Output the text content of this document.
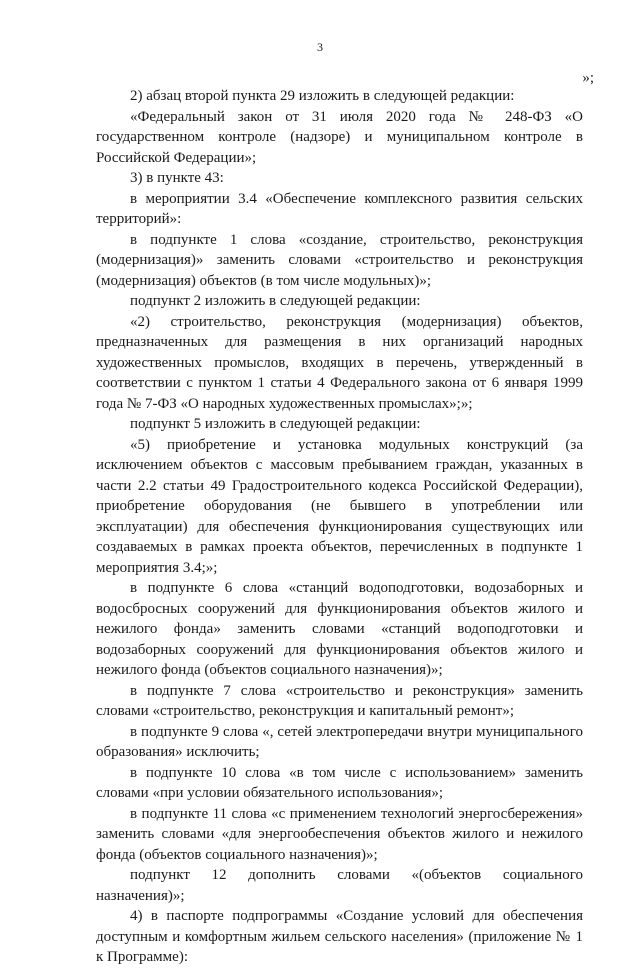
3
»;

2) абзац второй пункта 29 изложить в следующей редакции:

«Федеральный закон от 31 июля 2020 года № 248-ФЗ «О государственном контроле (надзоре) и муниципальном контроле в Российской Федерации»;

3) в пункте 43:

в мероприятии 3.4 «Обеспечение комплексного развития сельских территорий»:

в подпункте 1 слова «создание, строительство, реконструкция (модернизация)» заменить словами «строительство и реконструкция (модернизация) объектов (в том числе модульных)»;

подпункт 2 изложить в следующей редакции:

«2) строительство, реконструкция (модернизация) объектов, предназначенных для размещения в них организаций народных художественных промыслов, входящих в перечень, утвержденный в соответствии с пунктом 1 статьи 4 Федерального закона от 6 января 1999 года № 7-ФЗ «О народных художественных промыслах»;»;

подпункт 5 изложить в следующей редакции:

«5) приобретение и установка модульных конструкций (за исключением объектов с массовым пребыванием граждан, указанных в части 2.2 статьи 49 Градостроительного кодекса Российской Федерации), приобретение оборудования (не бывшего в употреблении или эксплуатации) для обеспечения функционирования существующих или создаваемых в рамках проекта объектов, перечисленных в подпункте 1 мероприятия 3.4;»;

в подпункте 6 слова «станций водоподготовки, водозаборных и водосбросных сооружений для функционирования объектов жилого и нежилого фонда» заменить словами «станций водоподготовки и водозаборных сооружений для функционирования объектов жилого и нежилого фонда (объектов социального назначения)»;

в подпункте 7 слова «строительство и реконструкция» заменить словами «строительство, реконструкция и капитальный ремонт»;

в подпункте 9 слова «, сетей электропередачи внутри муниципального образования» исключить;

в подпункте 10 слова «в том числе с использованием» заменить словами «при условии обязательного использования»;

в подпункте 11 слова «с применением технологий энергосбережения» заменить словами «для энергообеспечения объектов жилого и нежилого фонда (объектов социального назначения)»;

подпункт 12 дополнить словами «(объектов социального назначения)»;

4) в паспорте подпрограммы «Создание условий для обеспечения доступным и комфортным жильем сельского населения» (приложение № 1 к Программе):
